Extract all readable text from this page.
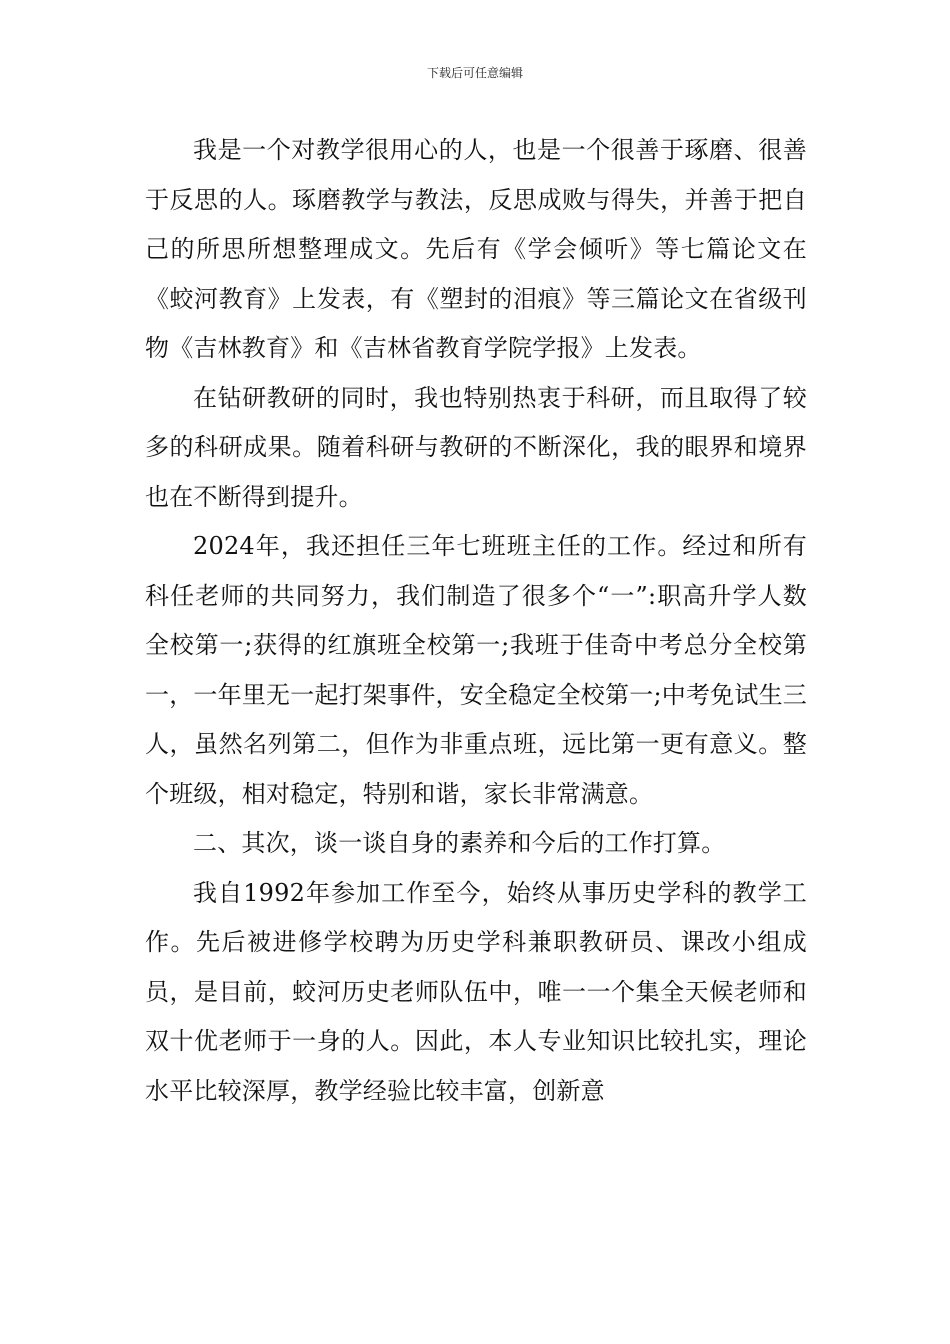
下载后可任意编辑

我是一个对教学很用心的人，也是一个很善于琢磨、很善于反思的人。琢磨教学与教法，反思成败与得失，并善于把自己的所思所想整理成文。先后有《学会倾听》等七篇论文在《蛟河教育》上发表，有《塑封的泪痕》等三篇论文在省级刊物《吉林教育》和《吉林省教育学院学报》上发表。

在钻研教研的同时，我也特别热衷于科研，而且取得了较多的科研成果。随着科研与教研的不断深化，我的眼界和境界也在不断得到提升。

2024年，我还担任三年七班班主任的工作。经过和所有科任老师的共同努力，我们制造了很多个“一”:职高升学人数全校第一;获得的红旗班全校第一;我班于佳奇中考总分全校第一，一年里无一起打架事件，安全稳定全校第一;中考免试生三人，虽然名列第二，但作为非重点班，远比第一更有意义。整个班级，相对稳定，特别和谐，家长非常满意。

二、其次，谈一谈自身的素养和今后的工作打算。

我自1992年参加工作至今，始终从事历史学科的教学工作。先后被进修学校聘为历史学科兼职教研员、课改小组成员，是目前，蛟河历史老师队伍中，唯一一个集全天候老师和双十优老师于一身的人。因此，本人专业知识比较扎实，理论水平比较深厚，教学经验比较丰富，创新意
